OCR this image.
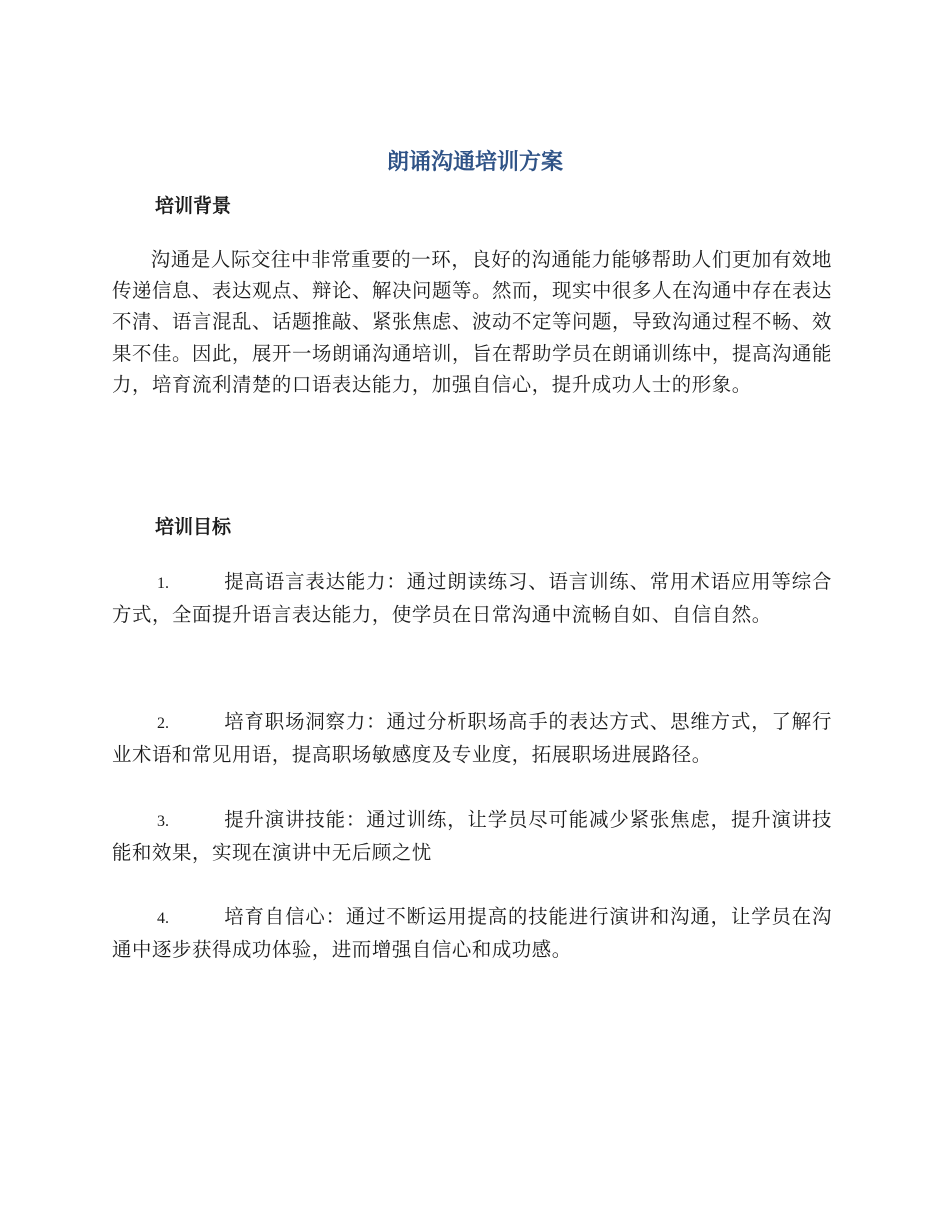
朗诵沟通培训方案
培训背景
沟通是人际交往中非常重要的一环，良好的沟通能力能够帮助人们更加有效地传递信息、表达观点、辩论、解决问题等。然而，现实中很多人在沟通中存在表达不清、语言混乱、话题推敲、紧张焦虑、波动不定等问题，导致沟通过程不畅、效果不佳。因此，展开一场朗诵沟通培训，旨在帮助学员在朗诵训练中，提高沟通能力，培育流利清楚的口语表达能力，加强自信心，提升成功人士的形象。
培训目标
1.	提高语言表达能力：通过朗读练习、语言训练、常用术语应用等综合方式，全面提升语言表达能力，使学员在日常沟通中流畅自如、自信自然。
2.	培育职场洞察力：通过分析职场高手的表达方式、思维方式，了解行业术语和常见用语，提高职场敏感度及专业度，拓展职场进展路径。
3.	提升演讲技能：通过训练，让学员尽可能减少紧张焦虑，提升演讲技能和效果，实现在演讲中无后顾之忧
4.	培育自信心：通过不断运用提高的技能进行演讲和沟通，让学员在沟通中逐步获得成功体验，进而增强自信心和成功感。
